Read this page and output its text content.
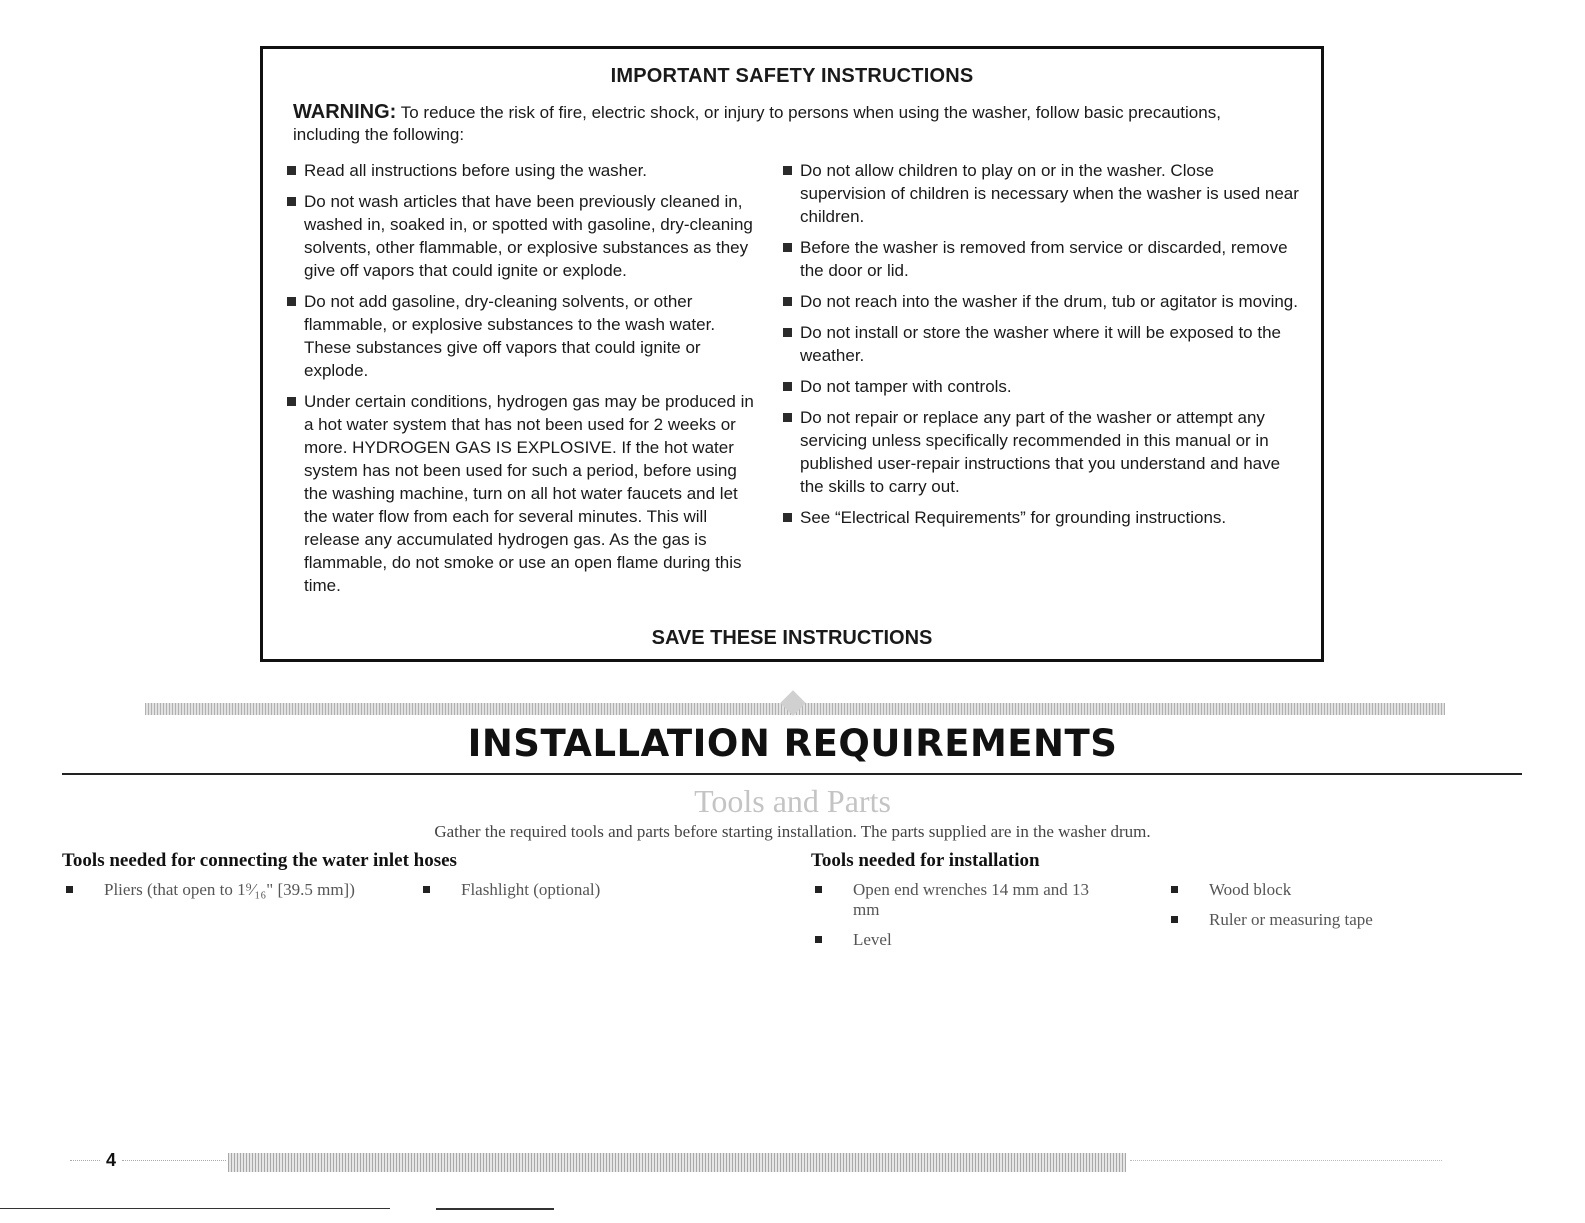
IMPORTANT SAFETY INSTRUCTIONS
WARNING: To reduce the risk of fire, electric shock, or injury to persons when using the washer, follow basic precautions, including the following:
Read all instructions before using the washer.
Do not wash articles that have been previously cleaned in, washed in, soaked in, or spotted with gasoline, dry-cleaning solvents, other flammable, or explosive substances as they give off vapors that could ignite or explode.
Do not add gasoline, dry-cleaning solvents, or other flammable, or explosive substances to the wash water. These substances give off vapors that could ignite or explode.
Under certain conditions, hydrogen gas may be produced in a hot water system that has not been used for 2 weeks or more. HYDROGEN GAS IS EXPLOSIVE. If the hot water system has not been used for such a period, before using the washing machine, turn on all hot water faucets and let the water flow from each for several minutes. This will release any accumulated hydrogen gas. As the gas is flammable, do not smoke or use an open flame during this time.
Do not allow children to play on or in the washer. Close supervision of children is necessary when the washer is used near children.
Before the washer is removed from service or discarded, remove the door or lid.
Do not reach into the washer if the drum, tub or agitator is moving.
Do not install or store the washer where it will be exposed to the weather.
Do not tamper with controls.
Do not repair or replace any part of the washer or attempt any servicing unless specifically recommended in this manual or in published user-repair instructions that you understand and have the skills to carry out.
See “Electrical Requirements” for grounding instructions.
SAVE THESE INSTRUCTIONS
INSTALLATION REQUIREMENTS
Tools and Parts
Gather the required tools and parts before starting installation. The parts supplied are in the washer drum.
Tools needed for connecting the water inlet hoses	Tools needed for installation
Pliers (that open to 1⁹⁄₁₆" [39.5 mm])	Flashlight (optional)	Open end wrenches 14 mm and 13 mm
Level
Wood block
Ruler or measuring tape
4
